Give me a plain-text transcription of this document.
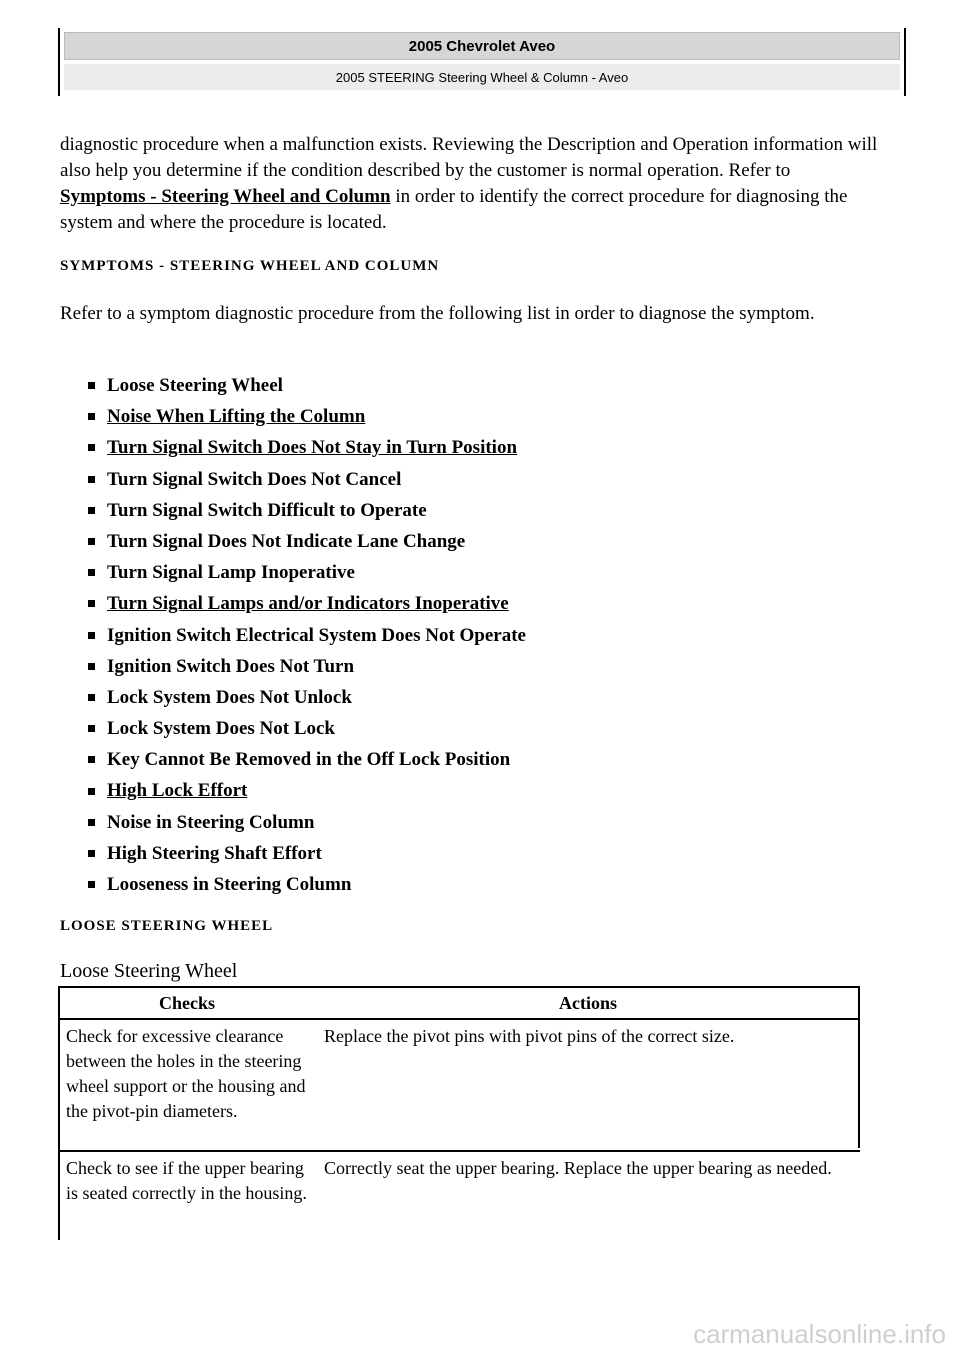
2005 Chevrolet Aveo
2005 STEERING Steering Wheel & Column - Aveo

diagnostic procedure when a malfunction exists. Reviewing the Description and Operation information will also help you determine if the condition described by the customer is normal operation. Refer to Symptoms - Steering Wheel and Column in order to identify the correct procedure for diagnosing the system and where the procedure is located.

SYMPTOMS - STEERING WHEEL AND COLUMN

Refer to a symptom diagnostic procedure from the following list in order to diagnose the symptom.

Loose Steering Wheel
Noise When Lifting the Column
Turn Signal Switch Does Not Stay in Turn Position
Turn Signal Switch Does Not Cancel
Turn Signal Switch Difficult to Operate
Turn Signal Does Not Indicate Lane Change
Turn Signal Lamp Inoperative
Turn Signal Lamps and/or Indicators Inoperative
Ignition Switch Electrical System Does Not Operate
Ignition Switch Does Not Turn
Lock System Does Not Unlock
Lock System Does Not Lock
Key Cannot Be Removed in the Off Lock Position
High Lock Effort
Noise in Steering Column
High Steering Shaft Effort
Looseness in Steering Column
LOOSE STEERING WHEEL

Loose Steering Wheel

Checks	Actions
Check for excessive clearance between the holes in the steering wheel support or the housing and the pivot-pin diameters.	Replace the pivot pins with pivot pins of the correct size.
Check to see if the upper bearing is seated correctly in the housing.	Correctly seat the upper bearing. Replace the upper bearing as needed.
carmanualsonline.info
